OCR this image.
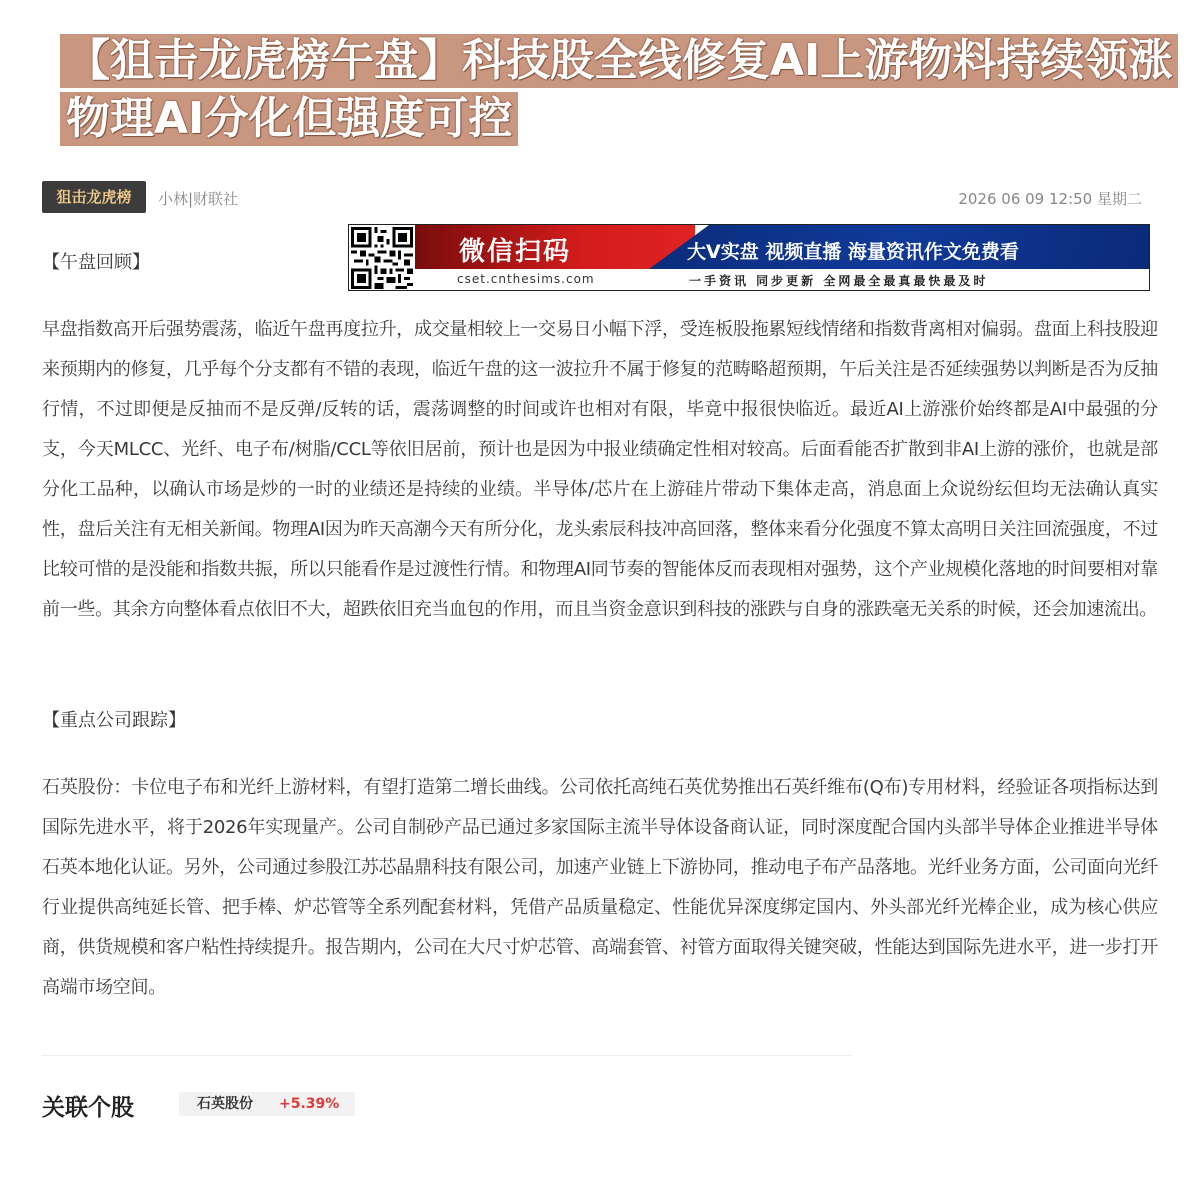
【狙击龙虎榜午盘】科技股全线修复AI上游物料持续领涨
物理AI分化但强度可控
狙击龙虎榜	小林|财联社	2026 06 09 12:50 星期二
【午盘回顾】	微信扫码	大V实盘 视频直播 海量资讯作文免费看
cset.cnthesims.com	一手资讯 同步更新 全网最全最真最快最及时
早盘指数高开后强势震荡，临近午盘再度拉升，成交量相较上一交易日小幅下浮，受连板股拖累短线情绪和指数背离相对偏弱。盘面上科技股迎来预期内的修复，几乎每个分支都有不错的表现，临近午盘的这一波拉升不属于修复的范畴略超预期，午后关注是否延续强势以判断是否为反抽行情，不过即便是反抽而不是反弹/反转的话，震荡调整的时间或许也相对有限，毕竟中报很快临近。最近AI上游涨价始终都是AI中最强的分支，今天MLCC、光纤、电子布/树脂/CCL等依旧居前，预计也是因为中报业绩确定性相对较高。后面看能否扩散到非AI上游的涨价，也就是部分化工品种，以确认市场是炒的一时的业绩还是持续的业绩。半导体/芯片在上游硅片带动下集体走高，消息面上众说纷纭但均无法确认真实性，盘后关注有无相关新闻。物理AI因为昨天高潮今天有所分化，龙头索辰科技冲高回落，整体来看分化强度不算太高明日关注回流强度，不过比较可惜的是没能和指数共振，所以只能看作是过渡性行情。和物理AI同节奏的智能体反而表现相对强势，这个产业规模化落地的时间要相对靠前一些。其余方向整体看点依旧不大，超跌依旧充当血包的作用，而且当资金意识到科技的涨跌与自身的涨跌毫无关系的时候，还会加速流出。
【重点公司跟踪】
石英股份：卡位电子布和光纤上游材料，有望打造第二增长曲线。公司依托高纯石英优势推出石英纤维布(Q布)专用材料，经验证各项指标达到国际先进水平，将于2026年实现量产。公司自制砂产品已通过多家国际主流半导体设备商认证，同时深度配合国内头部半导体企业推进半导体石英本地化认证。另外，公司通过参股江苏芯晶鼎科技有限公司，加速产业链上下游协同，推动电子布产品落地。光纤业务方面，公司面向光纤行业提供高纯延长管、把手棒、炉芯管等全系列配套材料，凭借产品质量稳定、性能优异深度绑定国内、外头部光纤光棒企业，成为核心供应商，供货规模和客户粘性持续提升。报告期内，公司在大尺寸炉芯管、高端套管、衬管方面取得关键突破，性能达到国际先进水平，进一步打开高端市场空间。
关联个股	石英股份 +5.39%
